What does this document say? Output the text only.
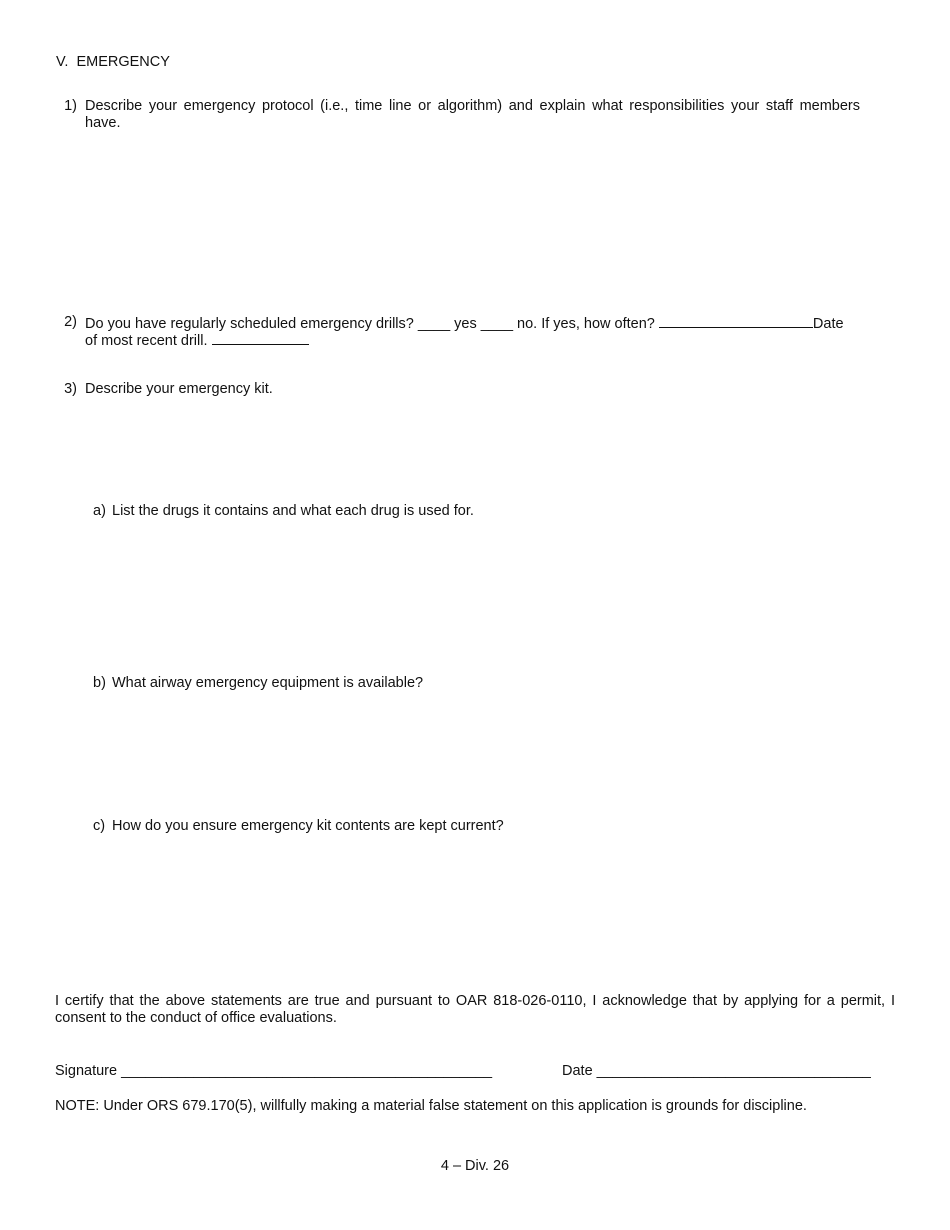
V. EMERGENCY
1) Describe your emergency protocol (i.e., time line or algorithm) and explain what responsibilities your staff members have.
2) Do you have regularly scheduled emergency drills? ____ yes ____ no. If yes, how often?	Date
of most recent drill.
3) Describe your emergency kit.
a) List the drugs it contains and what each drug is used for.
b) What airway emergency equipment is available?
c) How do you ensure emergency kit contents are kept current?
I certify that the above statements are true and pursuant to OAR 818-026-0110, I acknowledge that by applying for a permit, I consent to the conduct of office evaluations.
Signature ______________________________________________	Date __________________________________
NOTE: Under ORS 679.170(5), willfully making a material false statement on this application is grounds for discipline.
4 – Div. 26
